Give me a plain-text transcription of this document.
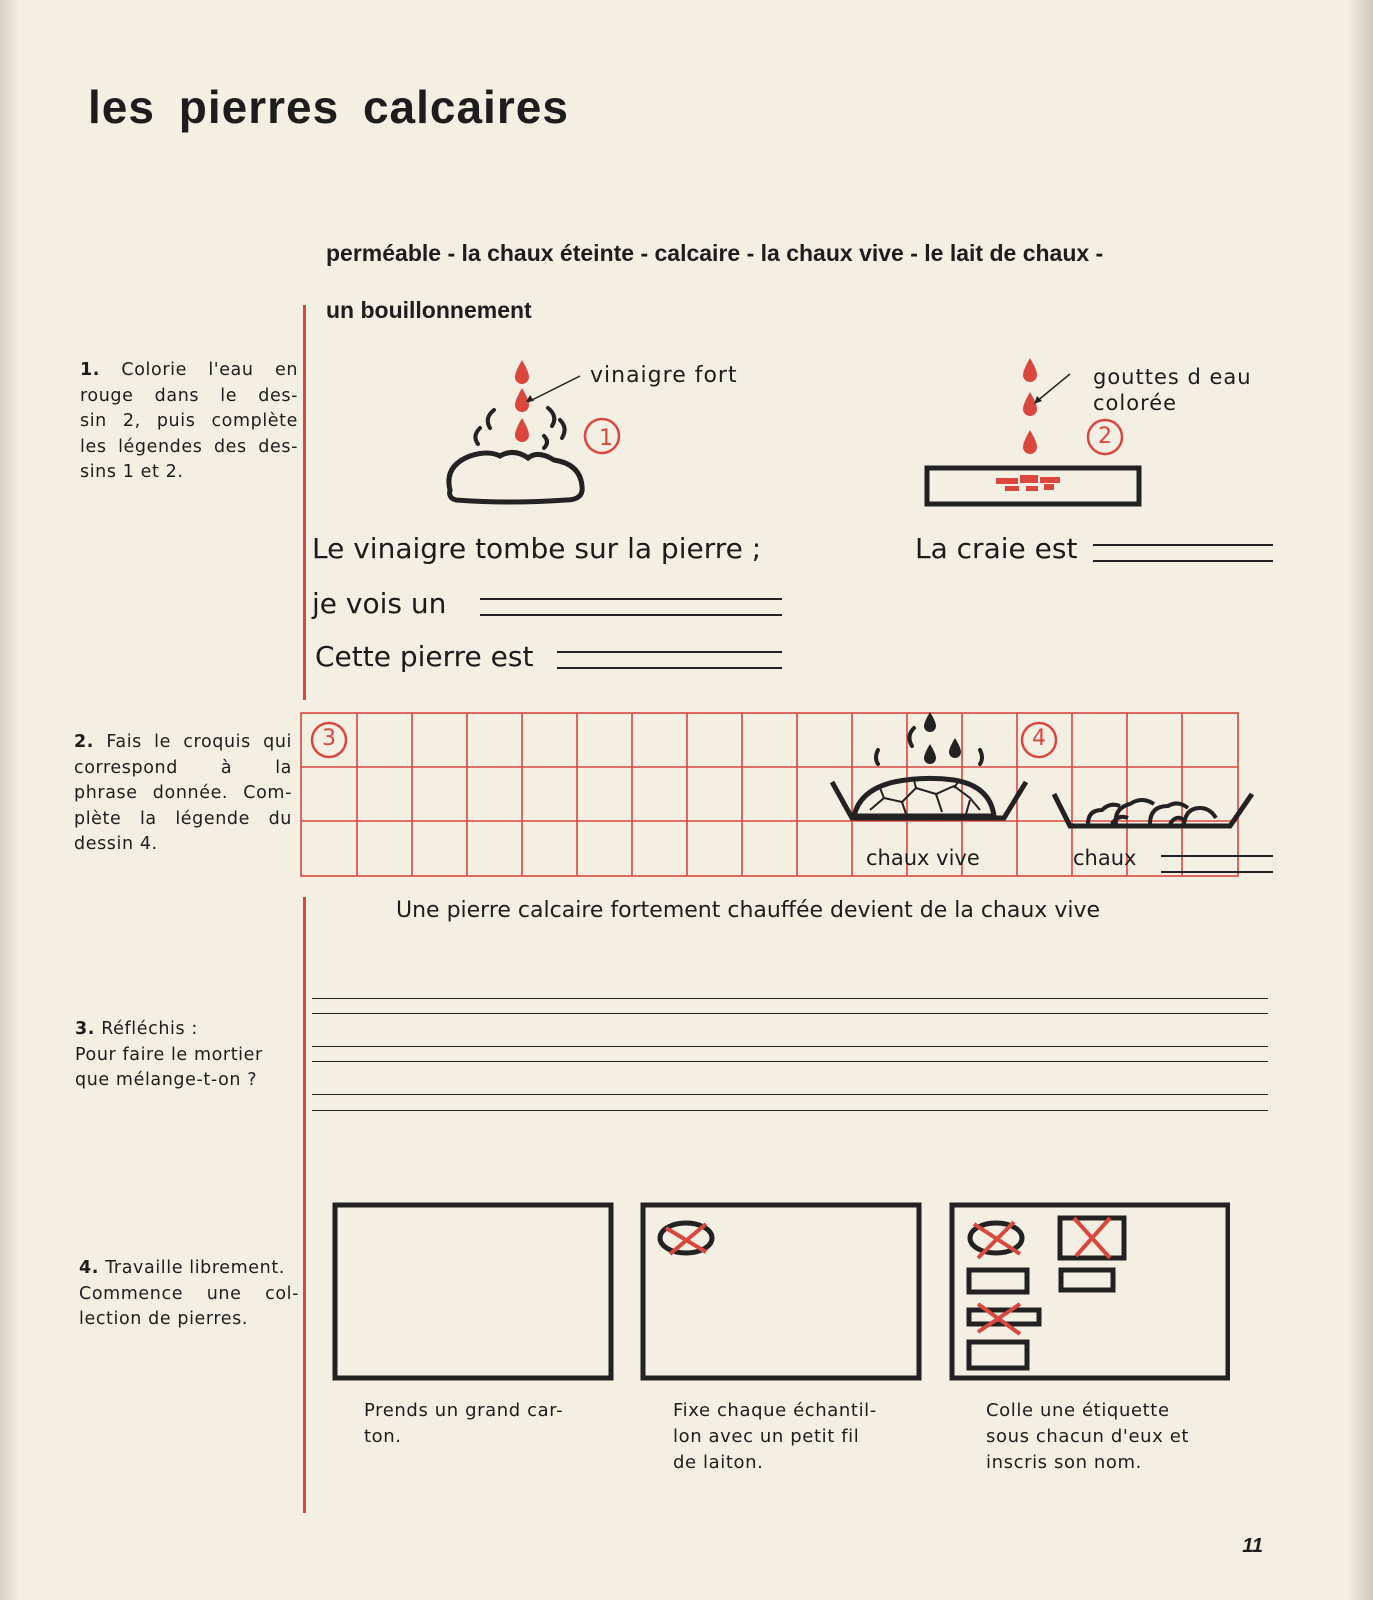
les pierres calcaires
perméable - la chaux éteinte - calcaire - la chaux vive - le lait de chaux -
un bouillonnement
1. Colorie l'eau en
rouge dans le des-
sin 2, puis complète
les légendes des des-
sins 1 et 2.
vinaigre fort
1
gouttes d eau
colorée
2
Le vinaigre tombe sur la pierre ;
je vois un
Cette pierre est
La craie est
2. Fais le croquis qui
correspond à la
phrase donnée. Com-
plète la légende du
dessin 4.
3	4
chaux vive	chaux
Une pierre calcaire fortement chauffée devient de la chaux vive
3. Réfléchis :
Pour faire le mortier
que mélange-t-on ?
4. Travaille librement.
Commence une col-
lection de pierres.
Prends un grand car-
ton.
Fixe chaque échantil-
lon avec un petit fil
de laiton.
Colle une étiquette
sous chacun d'eux et
inscris son nom.
11
